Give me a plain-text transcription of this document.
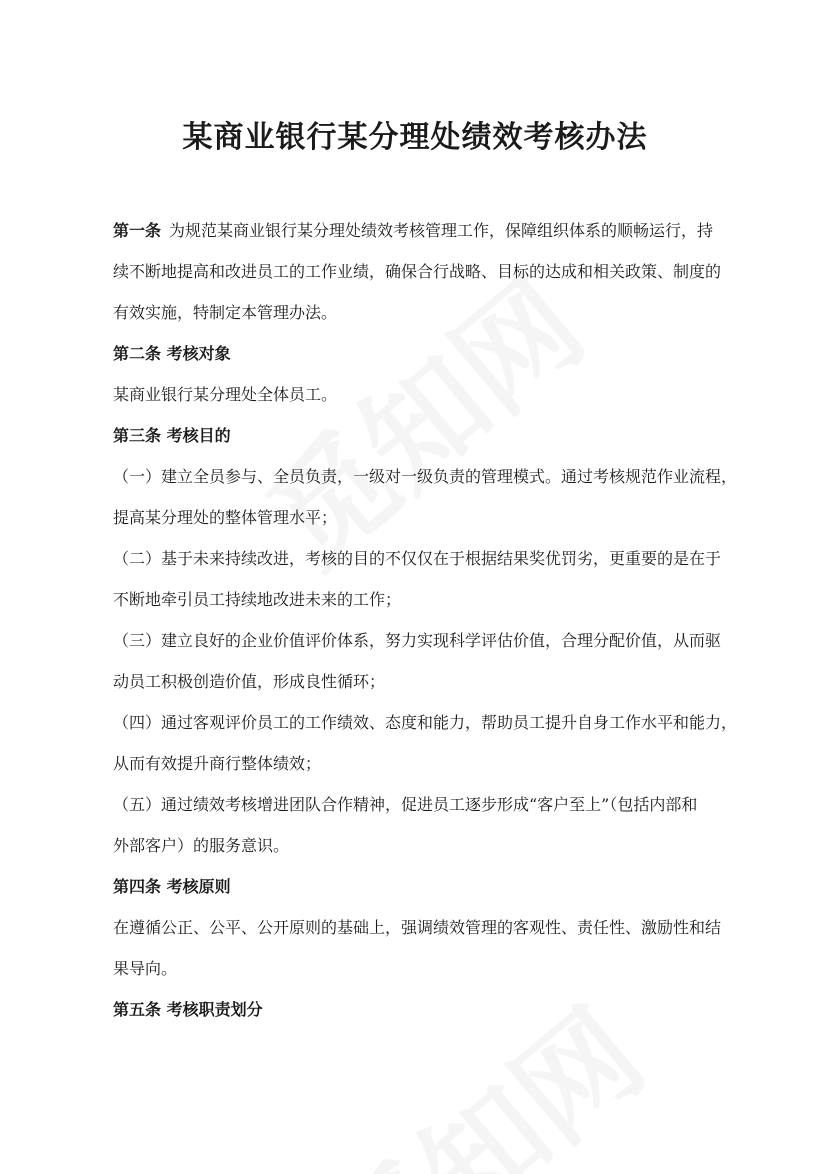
某商业银行某分理处绩效考核办法

第一条 为规范某商业银行某分理处绩效考核管理工作，保障组织体系的顺畅运行，持

续不断地提高和改进员工的工作业绩，确保合行战略、目标的达成和相关政策、制度的

有效实施，特制定本管理办法。

第二条 考核对象

某商业银行某分理处全体员工。

第三条 考核目的

（一）建立全员参与、全员负责，一级对一级负责的管理模式。通过考核规范作业流程，

提高某分理处的整体管理水平；

（二）基于未来持续改进，考核的目的不仅仅在于根据结果奖优罚劣，更重要的是在于

不断地牵引员工持续地改进未来的工作；

（三）建立良好的企业价值评价体系，努力实现科学评估价值，合理分配价值，从而驱

动员工积极创造价值，形成良性循环；

（四）通过客观评价员工的工作绩效、态度和能力，帮助员工提升自身工作水平和能力，

从而有效提升商行整体绩效；

（五）通过绩效考核增进团队合作精神，促进员工逐步形成“客户至上”（包括内部和

外部客户）的服务意识。

第四条 考核原则

在遵循公正、公平、公开原则的基础上，强调绩效管理的客观性、责任性、激励性和结

果导向。

第五条 考核职责划分
